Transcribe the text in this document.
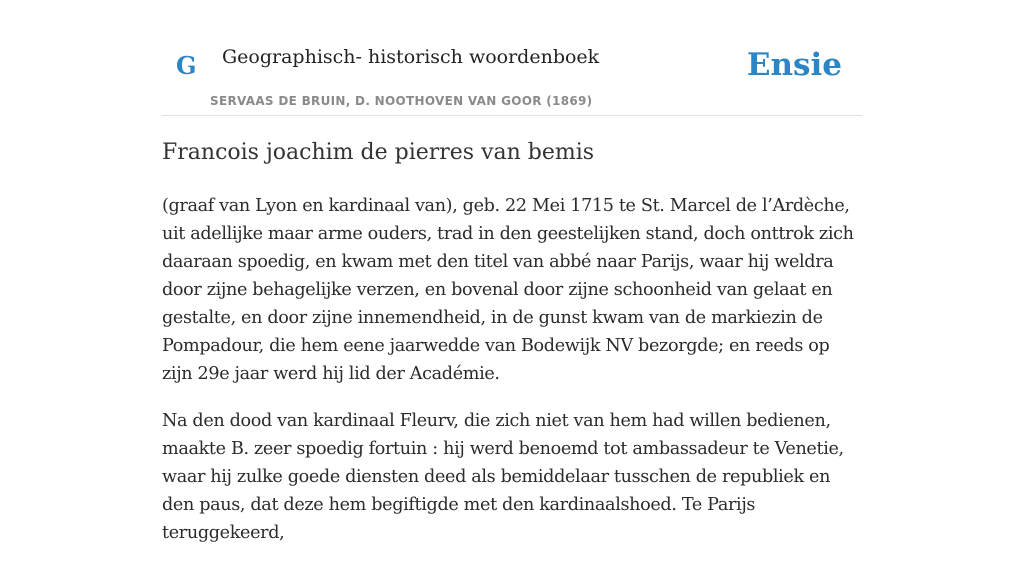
G Geographisch- historisch woordenboek
SERVAAS DE BRUIN, D. NOOTHOVEN VAN GOOR (1869)
Ensie
Francois joachim de pierres van bemis

(graaf van Lyon en kardinaal van), geb. 22 Mei 1715 te St. Marcel de l’Ardèche, uit adellijke maar arme ouders, trad in den geestelijken stand, doch onttrok zich daaraan spoedig, en kwam met den titel van abbé naar Parijs, waar hij weldra door zijne behagelijke verzen, en bovenal door zijne schoonheid van gelaat en gestalte, en door zijne innemendheid, in de gunst kwam van de markiezin de Pompadour, die hem eene jaarwedde van Bodewijk NV bezorgde; en reeds op zijn 29e jaar werd hij lid der Académie.

Na den dood van kardinaal Fleurv, die zich niet van hem had willen bedienen, maakte B. zeer spoedig fortuin : hij werd benoemd tot ambassadeur te Venetie, waar hij zulke goede diensten deed als bemiddelaar tusschen de republiek en den paus, dat deze hem begiftigde met den kardinaalshoed. Te Parijs teruggekeerd,
